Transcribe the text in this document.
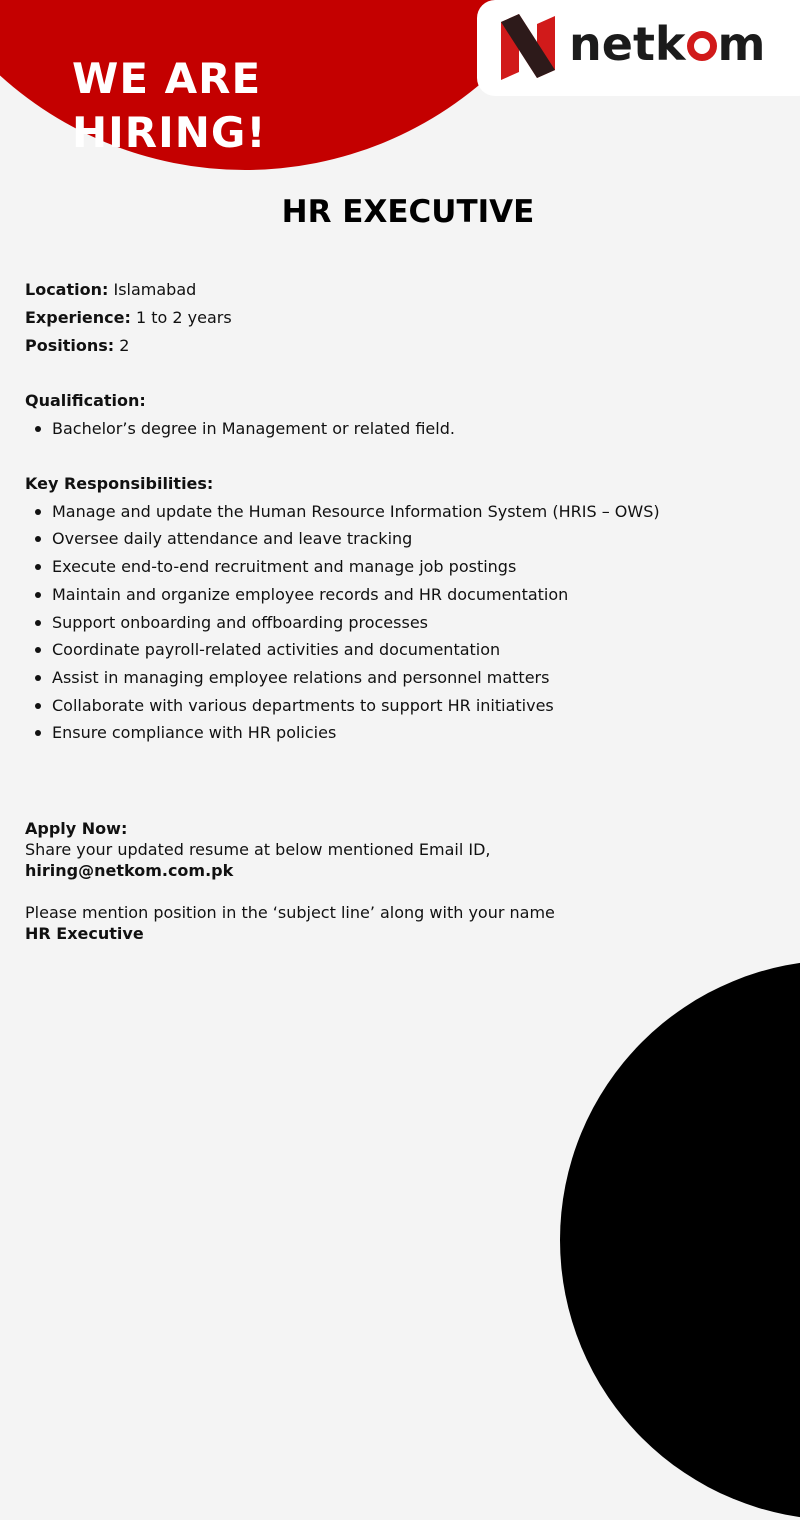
WE ARE
HIRING!
netk m
HR EXECUTIVE

Location: Islamabad

Experience: 1 to 2 years

Positions: 2

Qualification:

Bachelor’s degree in Management or related field.

Key Responsibilities:

Manage and update the Human Resource Information System (HRIS – OWS)
Oversee daily attendance and leave tracking
Execute end-to-end recruitment and manage job postings
Maintain and organize employee records and HR documentation
Support onboarding and offboarding processes
Coordinate payroll-related activities and documentation
Assist in managing employee relations and personnel matters
Collaborate with various departments to support HR initiatives
Ensure compliance with HR policies

Apply Now:

Share your updated resume at below mentioned Email ID,

hiring@netkom.com.pk

Please mention position in the ‘subject line’ along with your name

HR Executive
